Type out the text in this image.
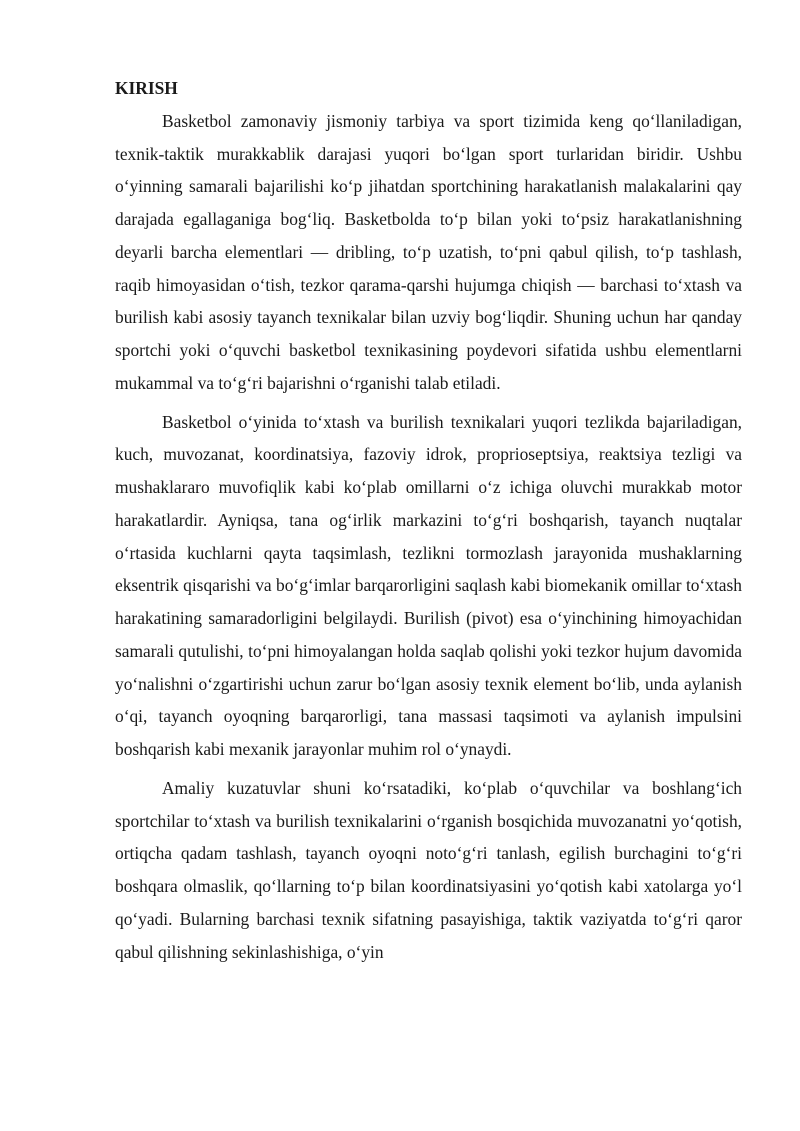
KIRISH

Basketbol zamonaviy jismoniy tarbiya va sport tizimida keng qo‘llaniladigan, texnik-taktik murakkablik darajasi yuqori bo‘lgan sport turlaridan biridir. Ushbu o‘yinning samarali bajarilishi ko‘p jihatdan sportchining harakatlanish malakalarini qay darajada egallaganiga bog‘liq. Basketbolda to‘p bilan yoki to‘psiz harakatlanishning deyarli barcha elementlari — dribling, to‘p uzatish, to‘pni qabul qilish, to‘p tashlash, raqib himoyasidan o‘tish, tezkor qarama-qarshi hujumga chiqish — barchasi to‘xtash va burilish kabi asosiy tayanch texnikalar bilan uzviy bog‘liqdir. Shuning uchun har qanday sportchi yoki o‘quvchi basketbol texnikasining poydevori sifatida ushbu elementlarni mukammal va to‘g‘ri bajarishni o‘rganishi talab etiladi.

Basketbol o‘yinida to‘xtash va burilish texnikalari yuqori tezlikda bajariladigan, kuch, muvozanat, koordinatsiya, fazoviy idrok, proprioseptsiya, reaktsiya tezligi va mushaklararo muvofiqlik kabi ko‘plab omillarni o‘z ichiga oluvchi murakkab motor harakatlardir. Ayniqsa, tana og‘irlik markazini to‘g‘ri boshqarish, tayanch nuqtalar o‘rtasida kuchlarni qayta taqsimlash, tezlikni tormozlash jarayonida mushaklarning eksentrik qisqarishi va bo‘g‘imlar barqarorligini saqlash kabi biomekanik omillar to‘xtash harakatining samaradorligini belgilaydi. Burilish (pivot) esa o‘yinchining himoyachidan samarali qutulishi, to‘pni himoyalangan holda saqlab qolishi yoki tezkor hujum davomida yo‘nalishni o‘zgartirishi uchun zarur bo‘lgan asosiy texnik element bo‘lib, unda aylanish o‘qi, tayanch oyoqning barqarorligi, tana massasi taqsimoti va aylanish impulsini boshqarish kabi mexanik jarayonlar muhim rol o‘ynaydi.

Amaliy kuzatuvlar shuni ko‘rsatadiki, ko‘plab o‘quvchilar va boshlang‘ich sportchilar to‘xtash va burilish texnikalarini o‘rganish bosqichida muvozanatni yo‘qotish, ortiqcha qadam tashlash, tayanch oyoqni noto‘g‘ri tanlash, egilish burchagini to‘g‘ri boshqara olmaslik, qo‘llarning to‘p bilan koordinatsiyasini yo‘qotish kabi xatolarga yo‘l qo‘yadi. Bularning barchasi texnik sifatning pasayishiga, taktik vaziyatda to‘g‘ri qaror qabul qilishning sekinlashishiga, o‘yin
